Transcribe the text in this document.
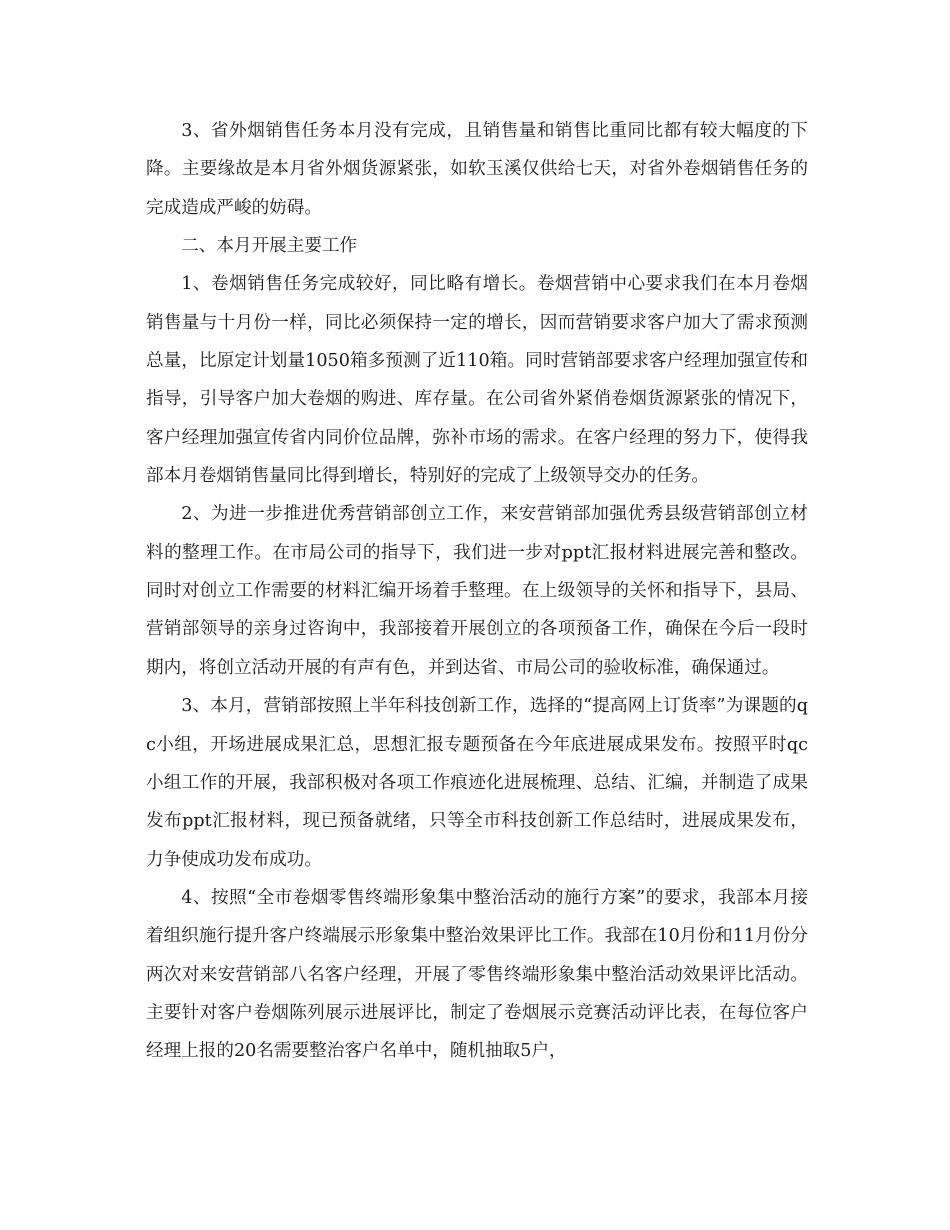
3、省外烟销售任务本月没有完成，且销售量和销售比重同比都有较大幅度的下降。主要缘故是本月省外烟货源紧张，如软玉溪仅供给七天，对省外卷烟销售任务的完成造成严峻的妨碍。

二、本月开展主要工作

1、卷烟销售任务完成较好，同比略有增长。卷烟营销中心要求我们在本月卷烟销售量与十月份一样，同比必须保持一定的增长，因而营销要求客户加大了需求预测总量，比原定计划量1050箱多预测了近110箱。同时营销部要求客户经理加强宣传和指导，引导客户加大卷烟的购进、库存量。在公司省外紧俏卷烟货源紧张的情况下，客户经理加强宣传省内同价位品牌，弥补市场的需求。在客户经理的努力下，使得我部本月卷烟销售量同比得到增长，特别好的完成了上级领导交办的任务。

2、为进一步推进优秀营销部创立工作，来安营销部加强优秀县级营销部创立材料的整理工作。在市局公司的指导下，我们进一步对ppt汇报材料进展完善和整改。同时对创立工作需要的材料汇编开场着手整理。在上级领导的关怀和指导下，县局、营销部领导的亲身过咨询中，我部接着开展创立的各项预备工作，确保在今后一段时期内，将创立活动开展的有声有色，并到达省、市局公司的验收标准，确保通过。

3、本月，营销部按照上半年科技创新工作，选择的“提高网上订货率”为课题的qc小组，开场进展成果汇总，思想汇报专题预备在今年底进展成果发布。按照平时qc小组工作的开展，我部积极对各项工作痕迹化进展梳理、总结、汇编，并制造了成果发布ppt汇报材料，现已预备就绪，只等全市科技创新工作总结时，进展成果发布，力争使成功发布成功。

4、按照“全市卷烟零售终端形象集中整治活动的施行方案”的要求，我部本月接着组织施行提升客户终端展示形象集中整治效果评比工作。我部在10月份和11月份分两次对来安营销部八名客户经理，开展了零售终端形象集中整治活动效果评比活动。主要针对客户卷烟陈列展示进展评比，制定了卷烟展示竞赛活动评比表，在每位客户经理上报的20名需要整治客户名单中，随机抽取5户，
